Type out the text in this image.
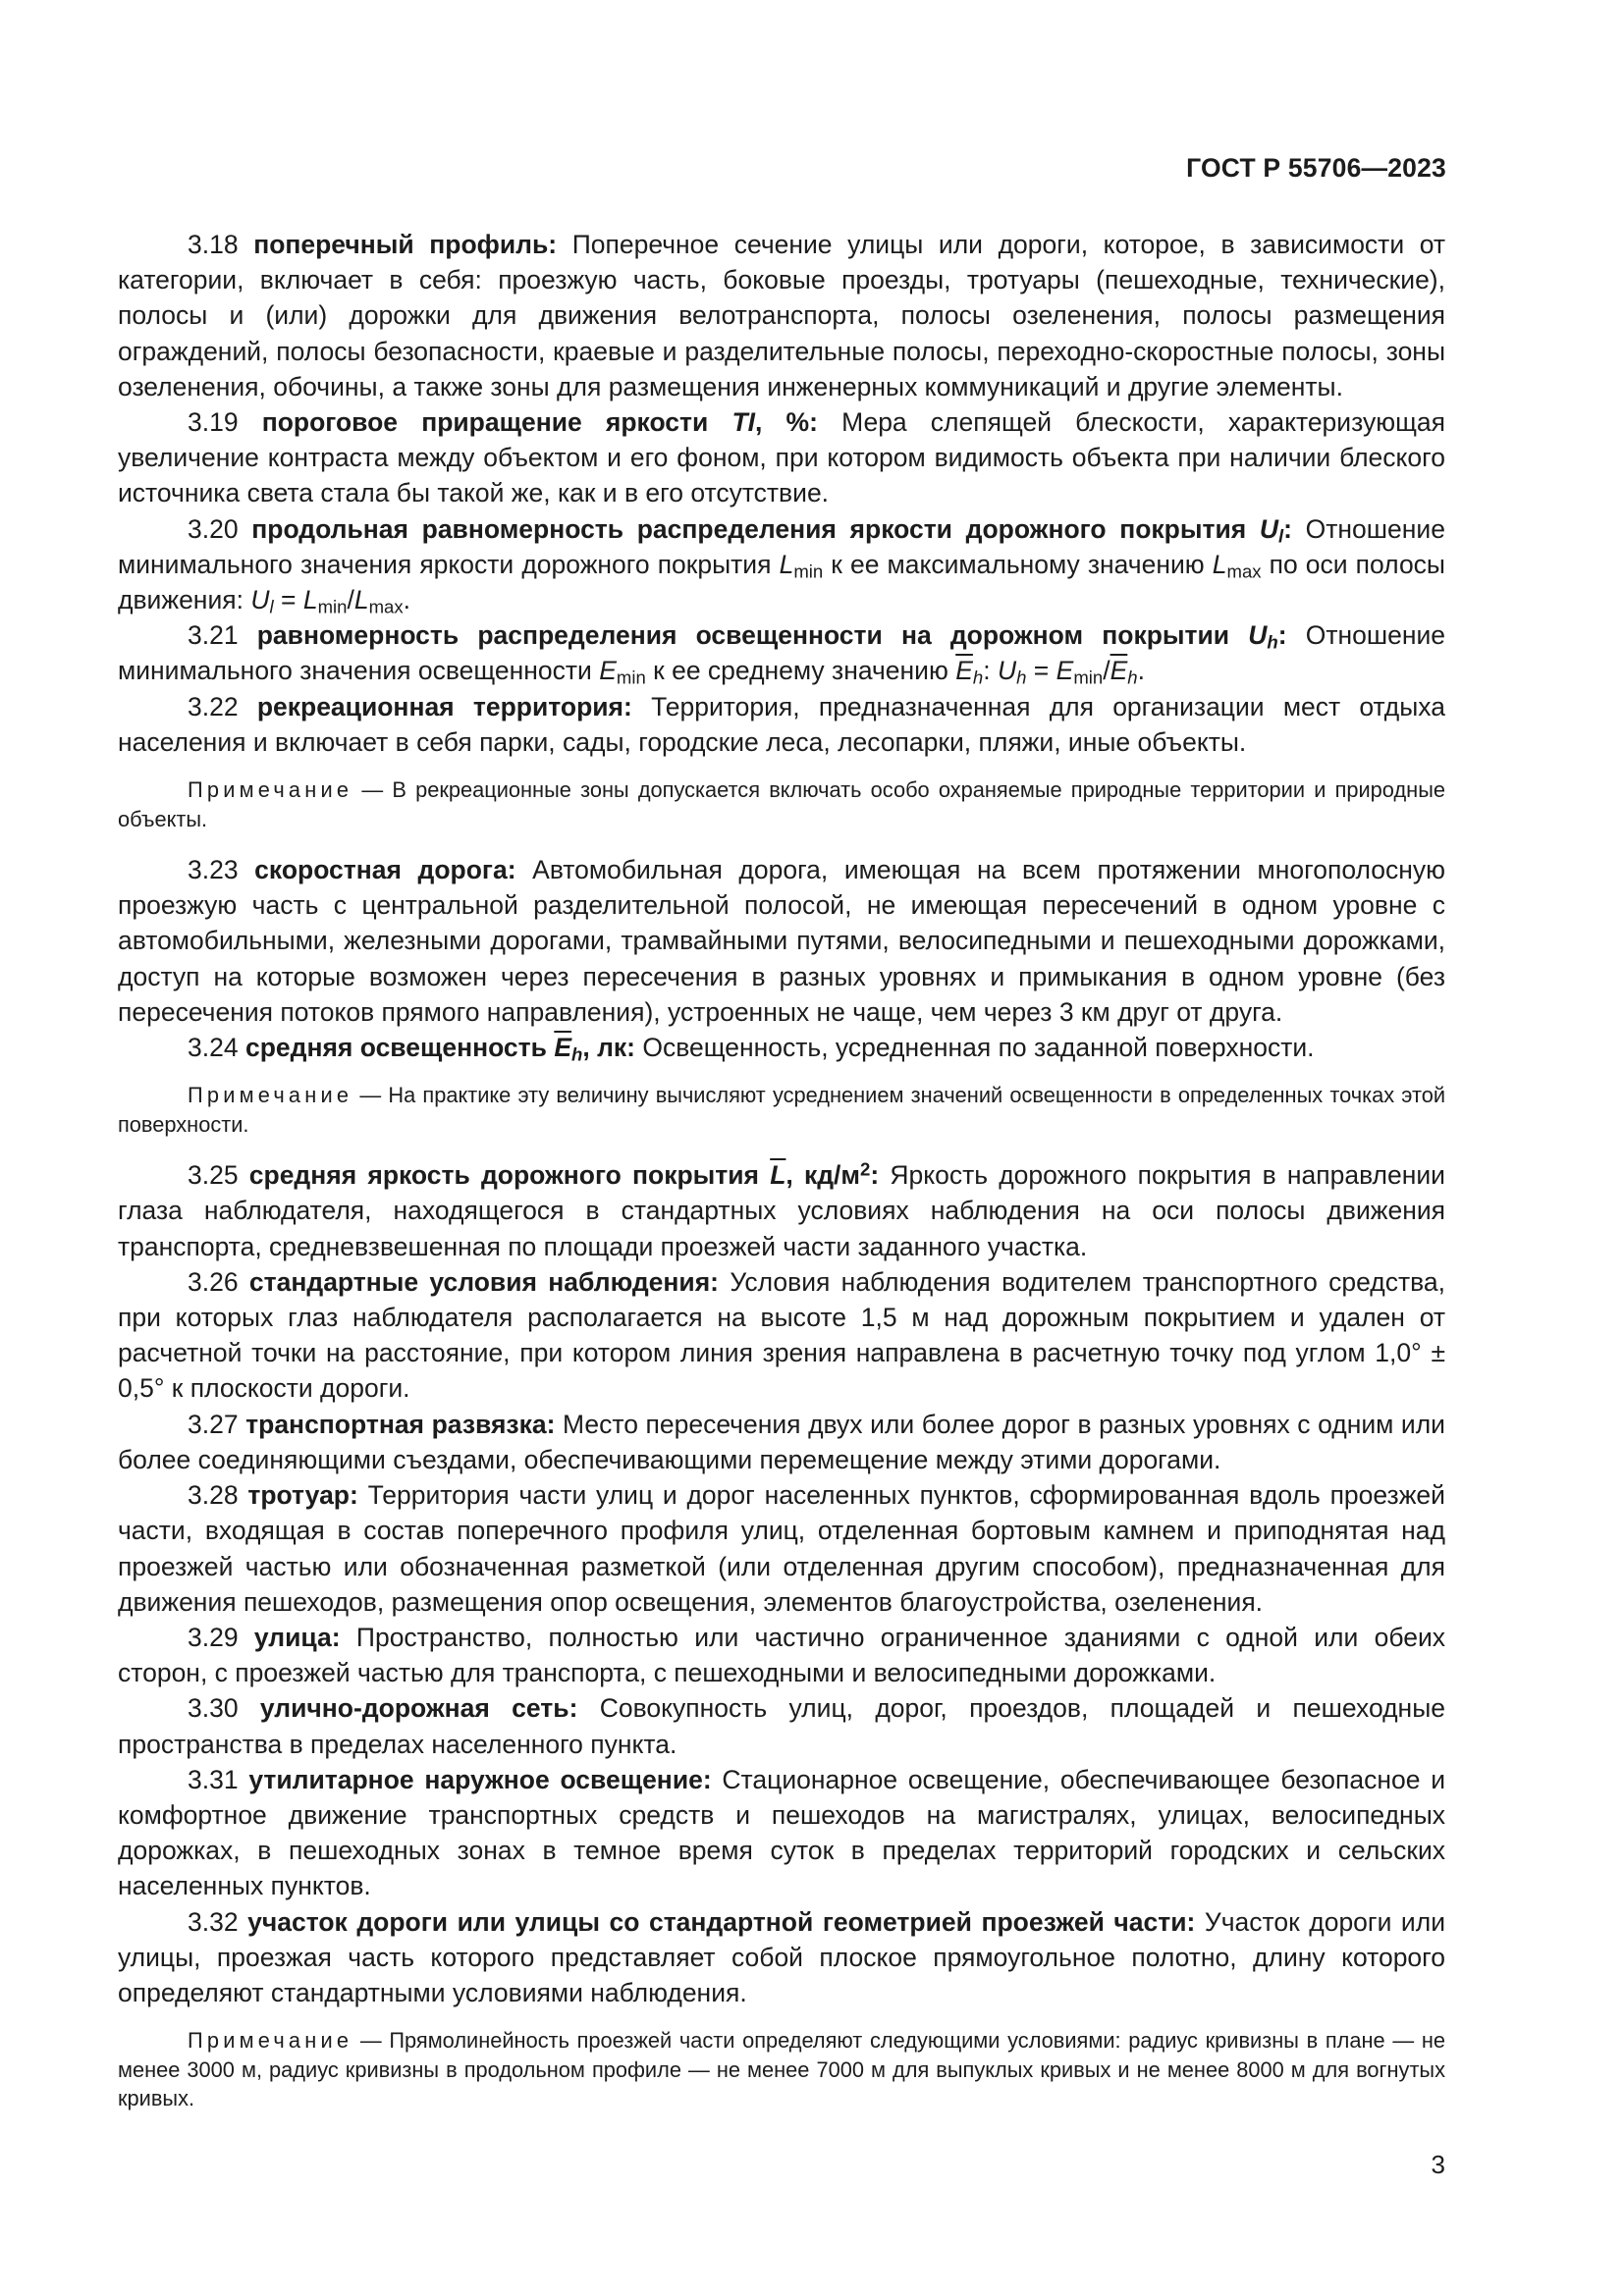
ГОСТ Р 55706—2023

3.18 поперечный профиль: Поперечное сечение улицы или дороги, которое, в зависимости от категории, включает в себя: проезжую часть, боковые проезды, тротуары (пешеходные, технические), полосы и (или) дорожки для движения велотранспорта, полосы озеленения, полосы размещения ограждений, полосы безопасности, краевые и разделительные полосы, переходно-скоростные полосы, зоны озеленения, обочины, а также зоны для размещения инженерных коммуникаций и другие элементы.

3.19 пороговое приращение яркости TI, %: Мера слепящей блескости, характеризующая увеличение контраста между объектом и его фоном, при котором видимость объекта при наличии блеского источника света стала бы такой же, как и в его отсутствие.

3.20 продольная равномерность распределения яркости дорожного покрытия $U_l$: Отношение минимального значения яркости дорожного покрытия $L_{min}$ к ее максимальному значению $L_{max}$ по оси полосы движения: $U_l = L_{min}/L_{max}$.

3.21 равномерность распределения освещенности на дорожном покрытии $U_h$: Отношение минимального значения освещенности $E_{min}$ к ее среднему значению $\overline{E}_h$: $U_h = E_{min}/\overline{E}_h$.

3.22 рекреационная территория: Территория, предназначенная для организации мест отдыха населения и включает в себя парки, сады, городские леса, лесопарки, пляжи, иные объекты.

Примечание — В рекреационные зоны допускается включать особо охраняемые природные территории и природные объекты.

3.23 скоростная дорога: Автомобильная дорога, имеющая на всем протяжении многополосную проезжую часть с центральной разделительной полосой, не имеющая пересечений в одном уровне с автомобильными, железными дорогами, трамвайными путями, велосипедными и пешеходными дорожками, доступ на которые возможен через пересечения в разных уровнях и примыкания в одном уровне (без пересечения потоков прямого направления), устроенных не чаще, чем через 3 км друг от друга.

3.24 средняя освещенность $\overline{E}_h$, лк: Освещенность, усредненная по заданной поверхности.

Примечание — На практике эту величину вычисляют усреднением значений освещенности в определенных точках этой поверхности.

3.25 средняя яркость дорожного покрытия $\overline{L}$, $кд/м^2$: Яркость дорожного покрытия в направлении глаза наблюдателя, находящегося в стандартных условиях наблюдения на оси полосы движения транспорта, средневзвешенная по площади проезжей части заданного участка.

3.26 стандартные условия наблюдения: Условия наблюдения водителем транспортного средства, при которых глаз наблюдателя располагается на высоте 1,5 м над дорожным покрытием и удален от расчетной точки на расстояние, при котором линия зрения направлена в расчетную точку под углом 1,0° ± 0,5° к плоскости дороги.

3.27 транспортная развязка: Место пересечения двух или более дорог в разных уровнях с одним или более соединяющими съездами, обеспечивающими перемещение между этими дорогами.

3.28 тротуар: Территория части улиц и дорог населенных пунктов, сформированная вдоль проезжей части, входящая в состав поперечного профиля улиц, отделенная бортовым камнем и приподнятая над проезжей частью или обозначенная разметкой (или отделенная другим способом), предназначенная для движения пешеходов, размещения опор освещения, элементов благоустройства, озеленения.

3.29 улица: Пространство, полностью или частично ограниченное зданиями с одной или обеих сторон, с проезжей частью для транспорта, с пешеходными и велосипедными дорожками.

3.30 улично-дорожная сеть: Совокупность улиц, дорог, проездов, площадей и пешеходные пространства в пределах населенного пункта.

3.31 утилитарное наружное освещение: Стационарное освещение, обеспечивающее безопасное и комфортное движение транспортных средств и пешеходов на магистралях, улицах, велосипедных дорожках, в пешеходных зонах в темное время суток в пределах территорий городских и сельских населенных пунктов.

3.32 участок дороги или улицы со стандартной геометрией проезжей части: Участок дороги или улицы, проезжая часть которого представляет собой плоское прямоугольное полотно, длину которого определяют стандартными условиями наблюдения.

Примечание — Прямолинейность проезжей части определяют следующими условиями: радиус кривизны в плане — не менее 3000 м, радиус кривизны в продольном профиле — не менее 7000 м для выпуклых кривых и не менее 8000 м для вогнутых кривых.

3
